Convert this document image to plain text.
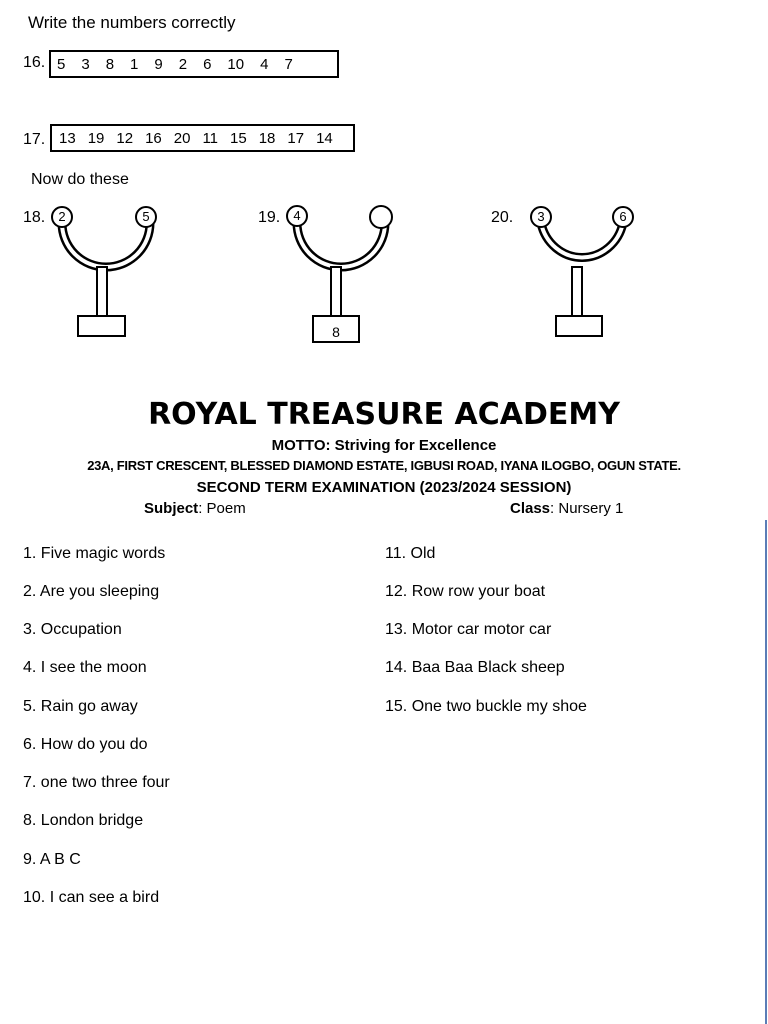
Write the numbers correctly
16. 5 3 8 1 9 2 6 10 4 7
17. 13 19 12 16 20 11 15 18 17 14
Now do these
18.	2	5	19.	4
8
20.	3	6
ROYAL TREASURE ACADEMY
MOTTO: Striving for Excellence
23A, FIRST CRESCENT, BLESSED DIAMOND ESTATE, IGBUSI ROAD, IYANA ILOGBO, OGUN STATE.
SECOND TERM EXAMINATION (2023/2024 SESSION)
Subject: Poem	Class: Nursery 1
1. Five magic words
2. Are you sleeping
3. Occupation
4. I see the moon
5. Rain go away
6. How do you do
7. one two three four
8. London bridge
9. A B C
10. I can see a bird
11. Old
12. Row row your boat
13. Motor car motor car
14. Baa Baa Black sheep
15. One two buckle my shoe
